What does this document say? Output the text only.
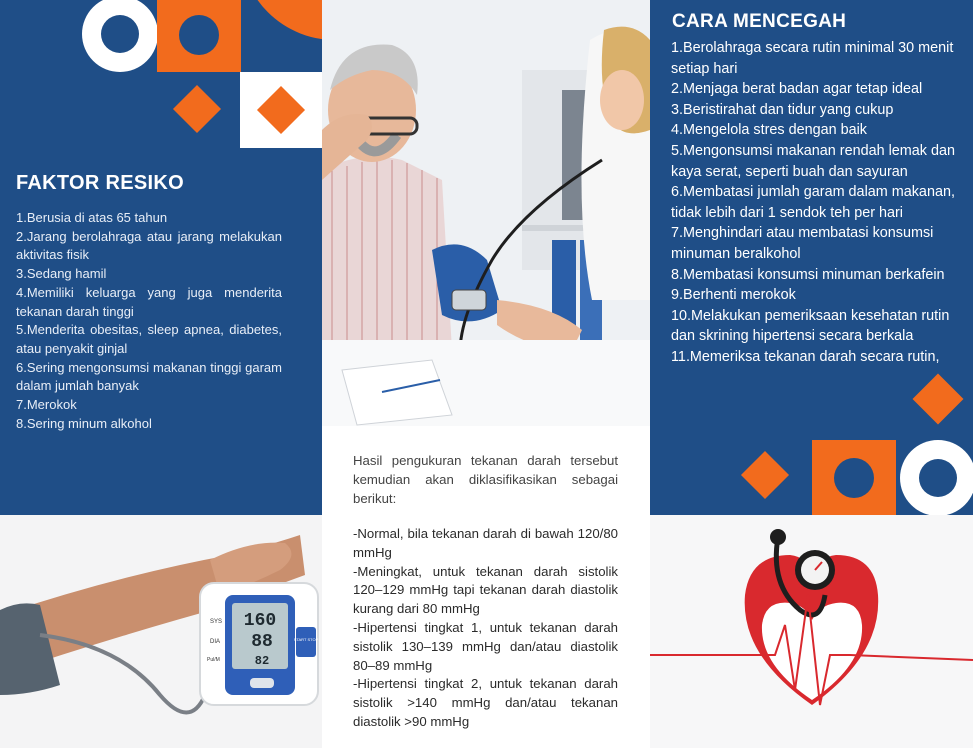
FAKTOR RESIKO
1.Berusia di atas 65 tahun
2.Jarang berolahraga atau jarang melakukan aktivitas fisik
3.Sedang hamil
4.Memiliki keluarga yang juga menderita tekanan darah tinggi
5.Menderita obesitas, sleep apnea, diabetes, atau penyakit ginjal
6.Sering mengonsumsi makanan tinggi garam dalam jumlah banyak
7.Merokok
8.Sering minum alkohol
Hasil pengukuran tekanan darah tersebut kemudian akan diklasifikasikan sebagai berikut:
-Normal, bila tekanan darah di bawah 120/80 mmHg
-Meningkat, untuk tekanan darah sistolik 120–129 mmHg tapi tekanan darah diastolik kurang dari 80 mmHg
-Hipertensi tingkat 1, untuk tekanan darah sistolik 130–139 mmHg dan/atau diastolik 80–89 mmHg
-Hipertensi tingkat 2, untuk tekanan darah sistolik >140 mmHg dan/atau tekanan diastolik >90 mmHg
CARA MENCEGAH
1.Berolahraga secara rutin minimal 30 menit setiap hari
2.Menjaga berat badan agar tetap ideal
3.Beristirahat dan tidur yang cukup
4.Mengelola stres dengan baik
5.Mengonsumsi makanan rendah lemak dan kaya serat, seperti buah dan sayuran
6.Membatasi jumlah garam dalam makanan, tidak lebih dari 1 sendok teh per hari
7.Menghindari atau membatasi konsumsi minuman beralkohol
8.Membatasi konsumsi minuman berkafein
9.Berhenti merokok
10.Melakukan pemeriksaan kesehatan rutin dan skrining hipertensi secara berkala
11.Memeriksa tekanan darah secara rutin,
160
88
82
SYS
DIA
Pul/M
START STOP
